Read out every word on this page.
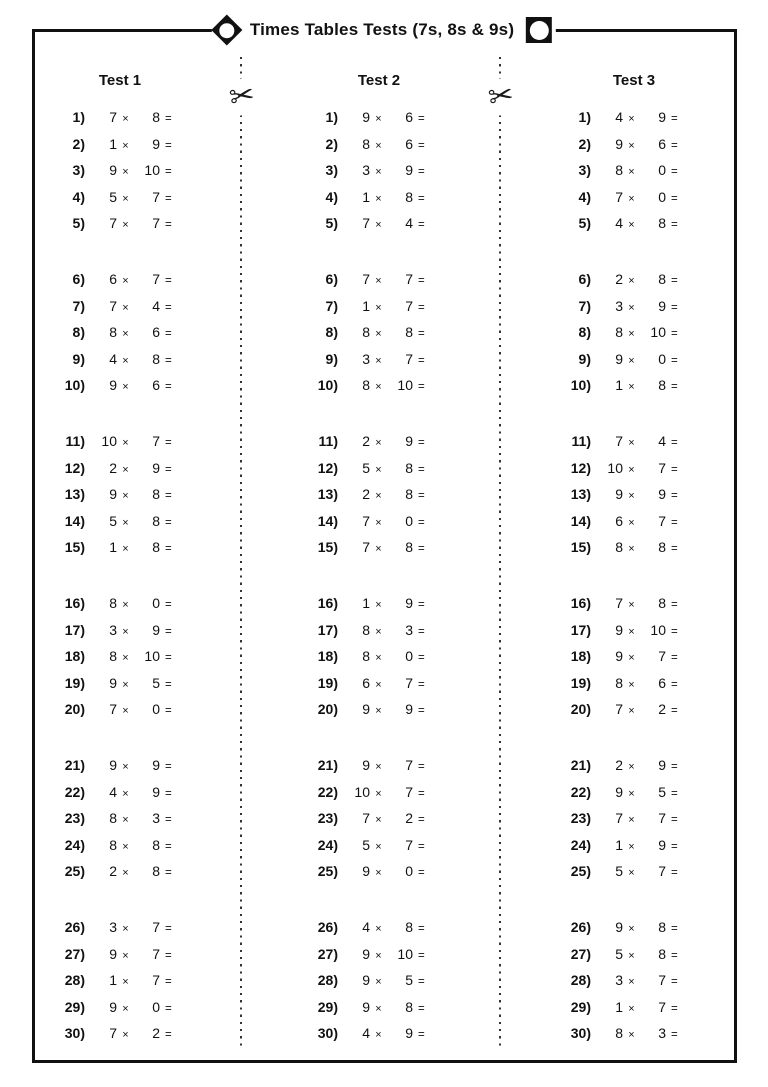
Times Tables Tests (7s, 8s & 9s)
Test 1
1)	7 ×	8 =
2)	1 ×	9 =
3)	9 ×	10 =
4)	5 ×	7 =
5)	7 ×	7 =
6)	6 ×	7 =
7)	7 ×	4 =
8)	8 ×	6 =
9)	4 ×	8 =
10)	9 ×	6 =
11)	10 ×	7 =
12)	2 ×	9 =
13)	9 ×	8 =
14)	5 ×	8 =
15)	1 ×	8 =
16)	8 ×	0 =
17)	3 ×	9 =
18)	8 ×	10 =
19)	9 ×	5 =
20)	7 ×	0 =
21)	9 ×	9 =
22)	4 ×	9 =
23)	8 ×	3 =
24)	8 ×	8 =
25)	2 ×	8 =
26)	3 ×	7 =
27)	9 ×	7 =
28)	1 ×	7 =
29)	9 ×	0 =
30)	7 ×	2 =
✂	Test 2
1)	9 ×	6 =
2)	8 ×	6 =
3)	3 ×	9 =
4)	1 ×	8 =
5)	7 ×	4 =
6)	7 ×	7 =
7)	1 ×	7 =
8)	8 ×	8 =
9)	3 ×	7 =
10)	8 ×	10 =
11)	2 ×	9 =
12)	5 ×	8 =
13)	2 ×	8 =
14)	7 ×	0 =
15)	7 ×	8 =
16)	1 ×	9 =
17)	8 ×	3 =
18)	8 ×	0 =
19)	6 ×	7 =
20)	9 ×	9 =
21)	9 ×	7 =
22)	10 ×	7 =
23)	7 ×	2 =
24)	5 ×	7 =
25)	9 ×	0 =
26)	4 ×	8 =
27)	9 ×	10 =
28)	9 ×	5 =
29)	9 ×	8 =
30)	4 ×	9 =
✂	Test 3
1)	4 ×	9 =
2)	9 ×	6 =
3)	8 ×	0 =
4)	7 ×	0 =
5)	4 ×	8 =
6)	2 ×	8 =
7)	3 ×	9 =
8)	8 ×	10 =
9)	9 ×	0 =
10)	1 ×	8 =
11)	7 ×	4 =
12)	10 ×	7 =
13)	9 ×	9 =
14)	6 ×	7 =
15)	8 ×	8 =
16)	7 ×	8 =
17)	9 ×	10 =
18)	9 ×	7 =
19)	8 ×	6 =
20)	7 ×	2 =
21)	2 ×	9 =
22)	9 ×	5 =
23)	7 ×	7 =
24)	1 ×	9 =
25)	5 ×	7 =
26)	9 ×	8 =
27)	5 ×	8 =
28)	3 ×	7 =
29)	1 ×	7 =
30)	8 ×	3 =
